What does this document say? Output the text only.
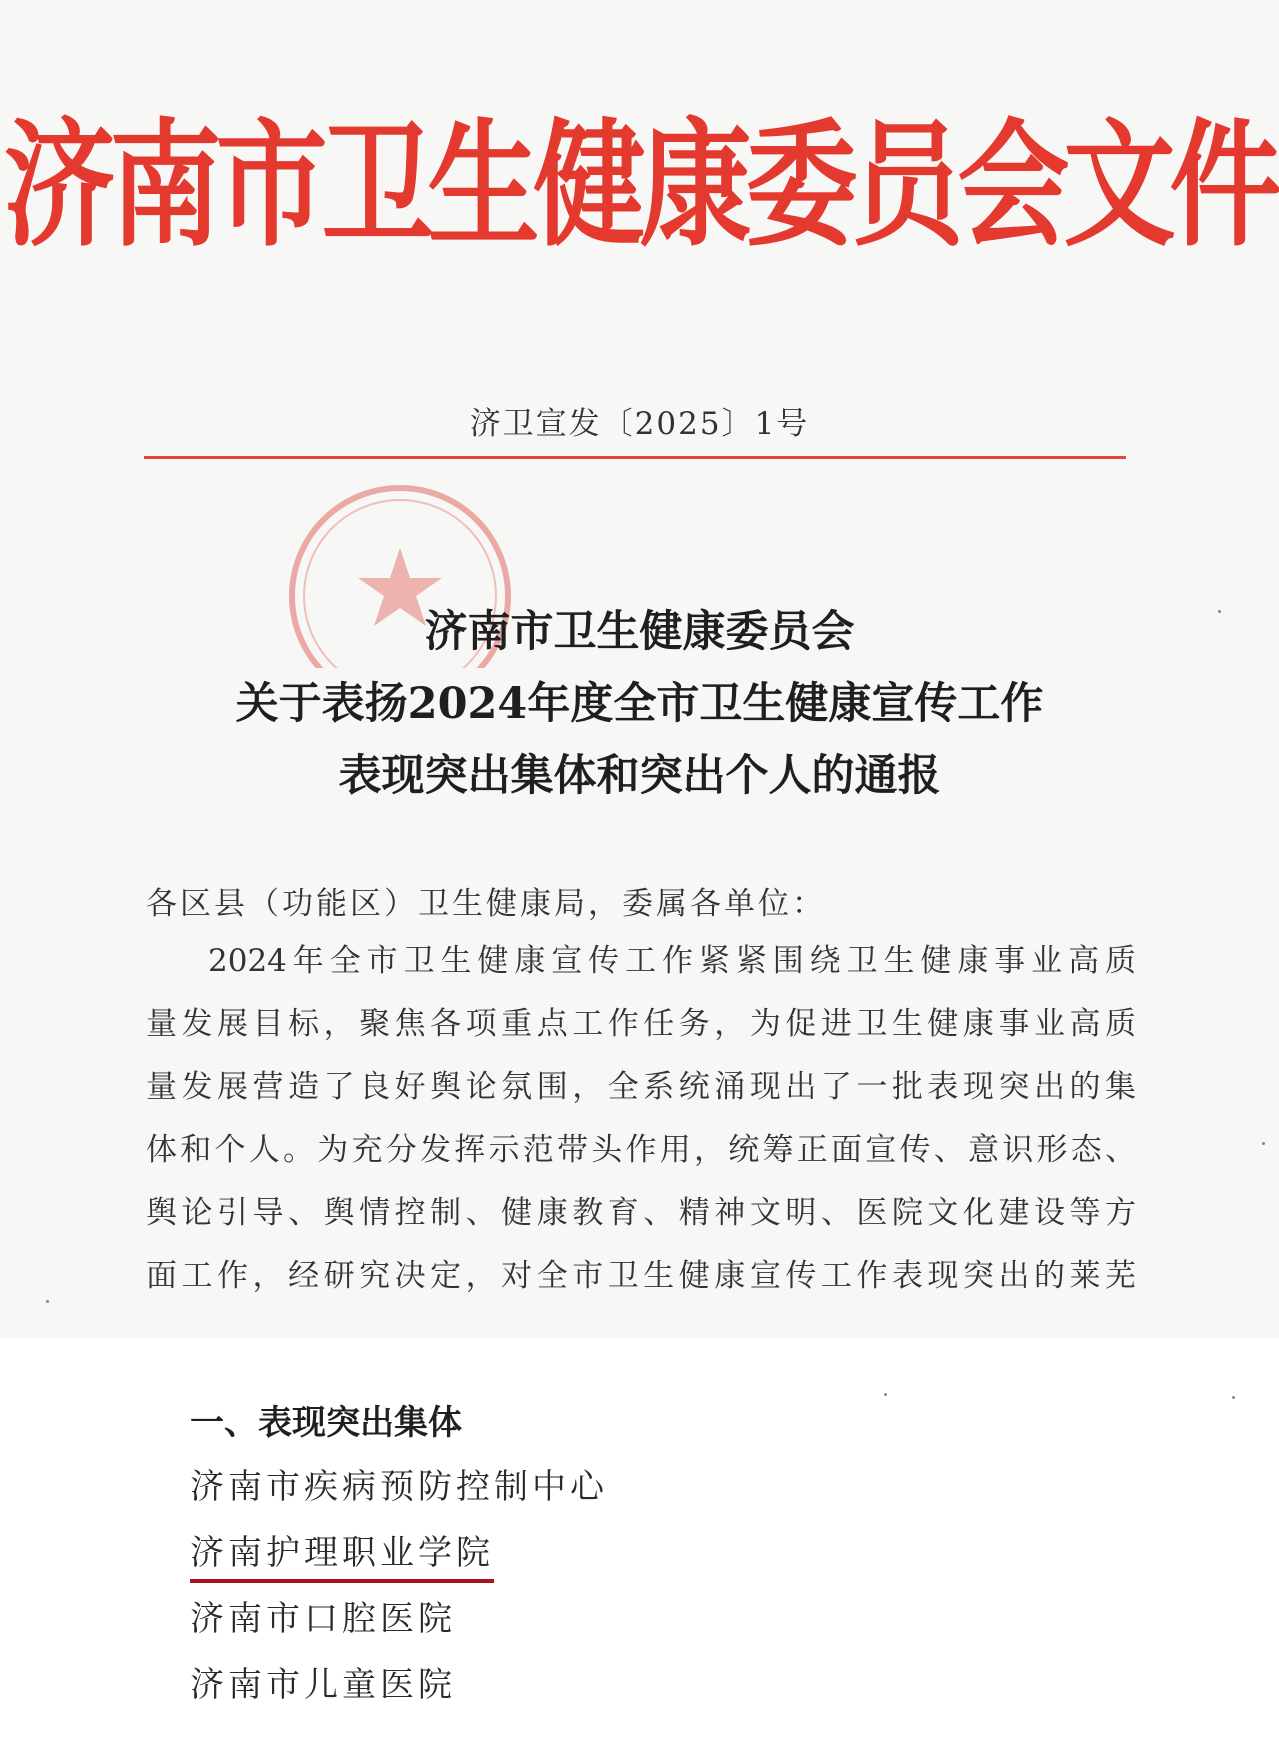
济南市卫生健康委员会文件
济卫宣发〔2025〕1号
济南市卫生健康委员会
关于表扬2024年度全市卫生健康宣传工作
表现突出集体和突出个人的通报
各区县（功能区）卫生健康局，委属各单位：
2024年全市卫生健康宣传工作紧紧围绕卫生健康事业高质
量发展目标，聚焦各项重点工作任务，为促进卫生健康事业高质
量发展营造了良好舆论氛围，全系统涌现出了一批表现突出的集
体和个人。为充分发挥示范带头作用，统筹正面宣传、意识形态、
舆论引导、舆情控制、健康教育、精神文明、医院文化建设等方
面工作，经研究决定，对全市卫生健康宣传工作表现突出的莱芜
一、表现突出集体
济南市疾病预防控制中心
济南护理职业学院
济南市口腔医院
济南市儿童医院
